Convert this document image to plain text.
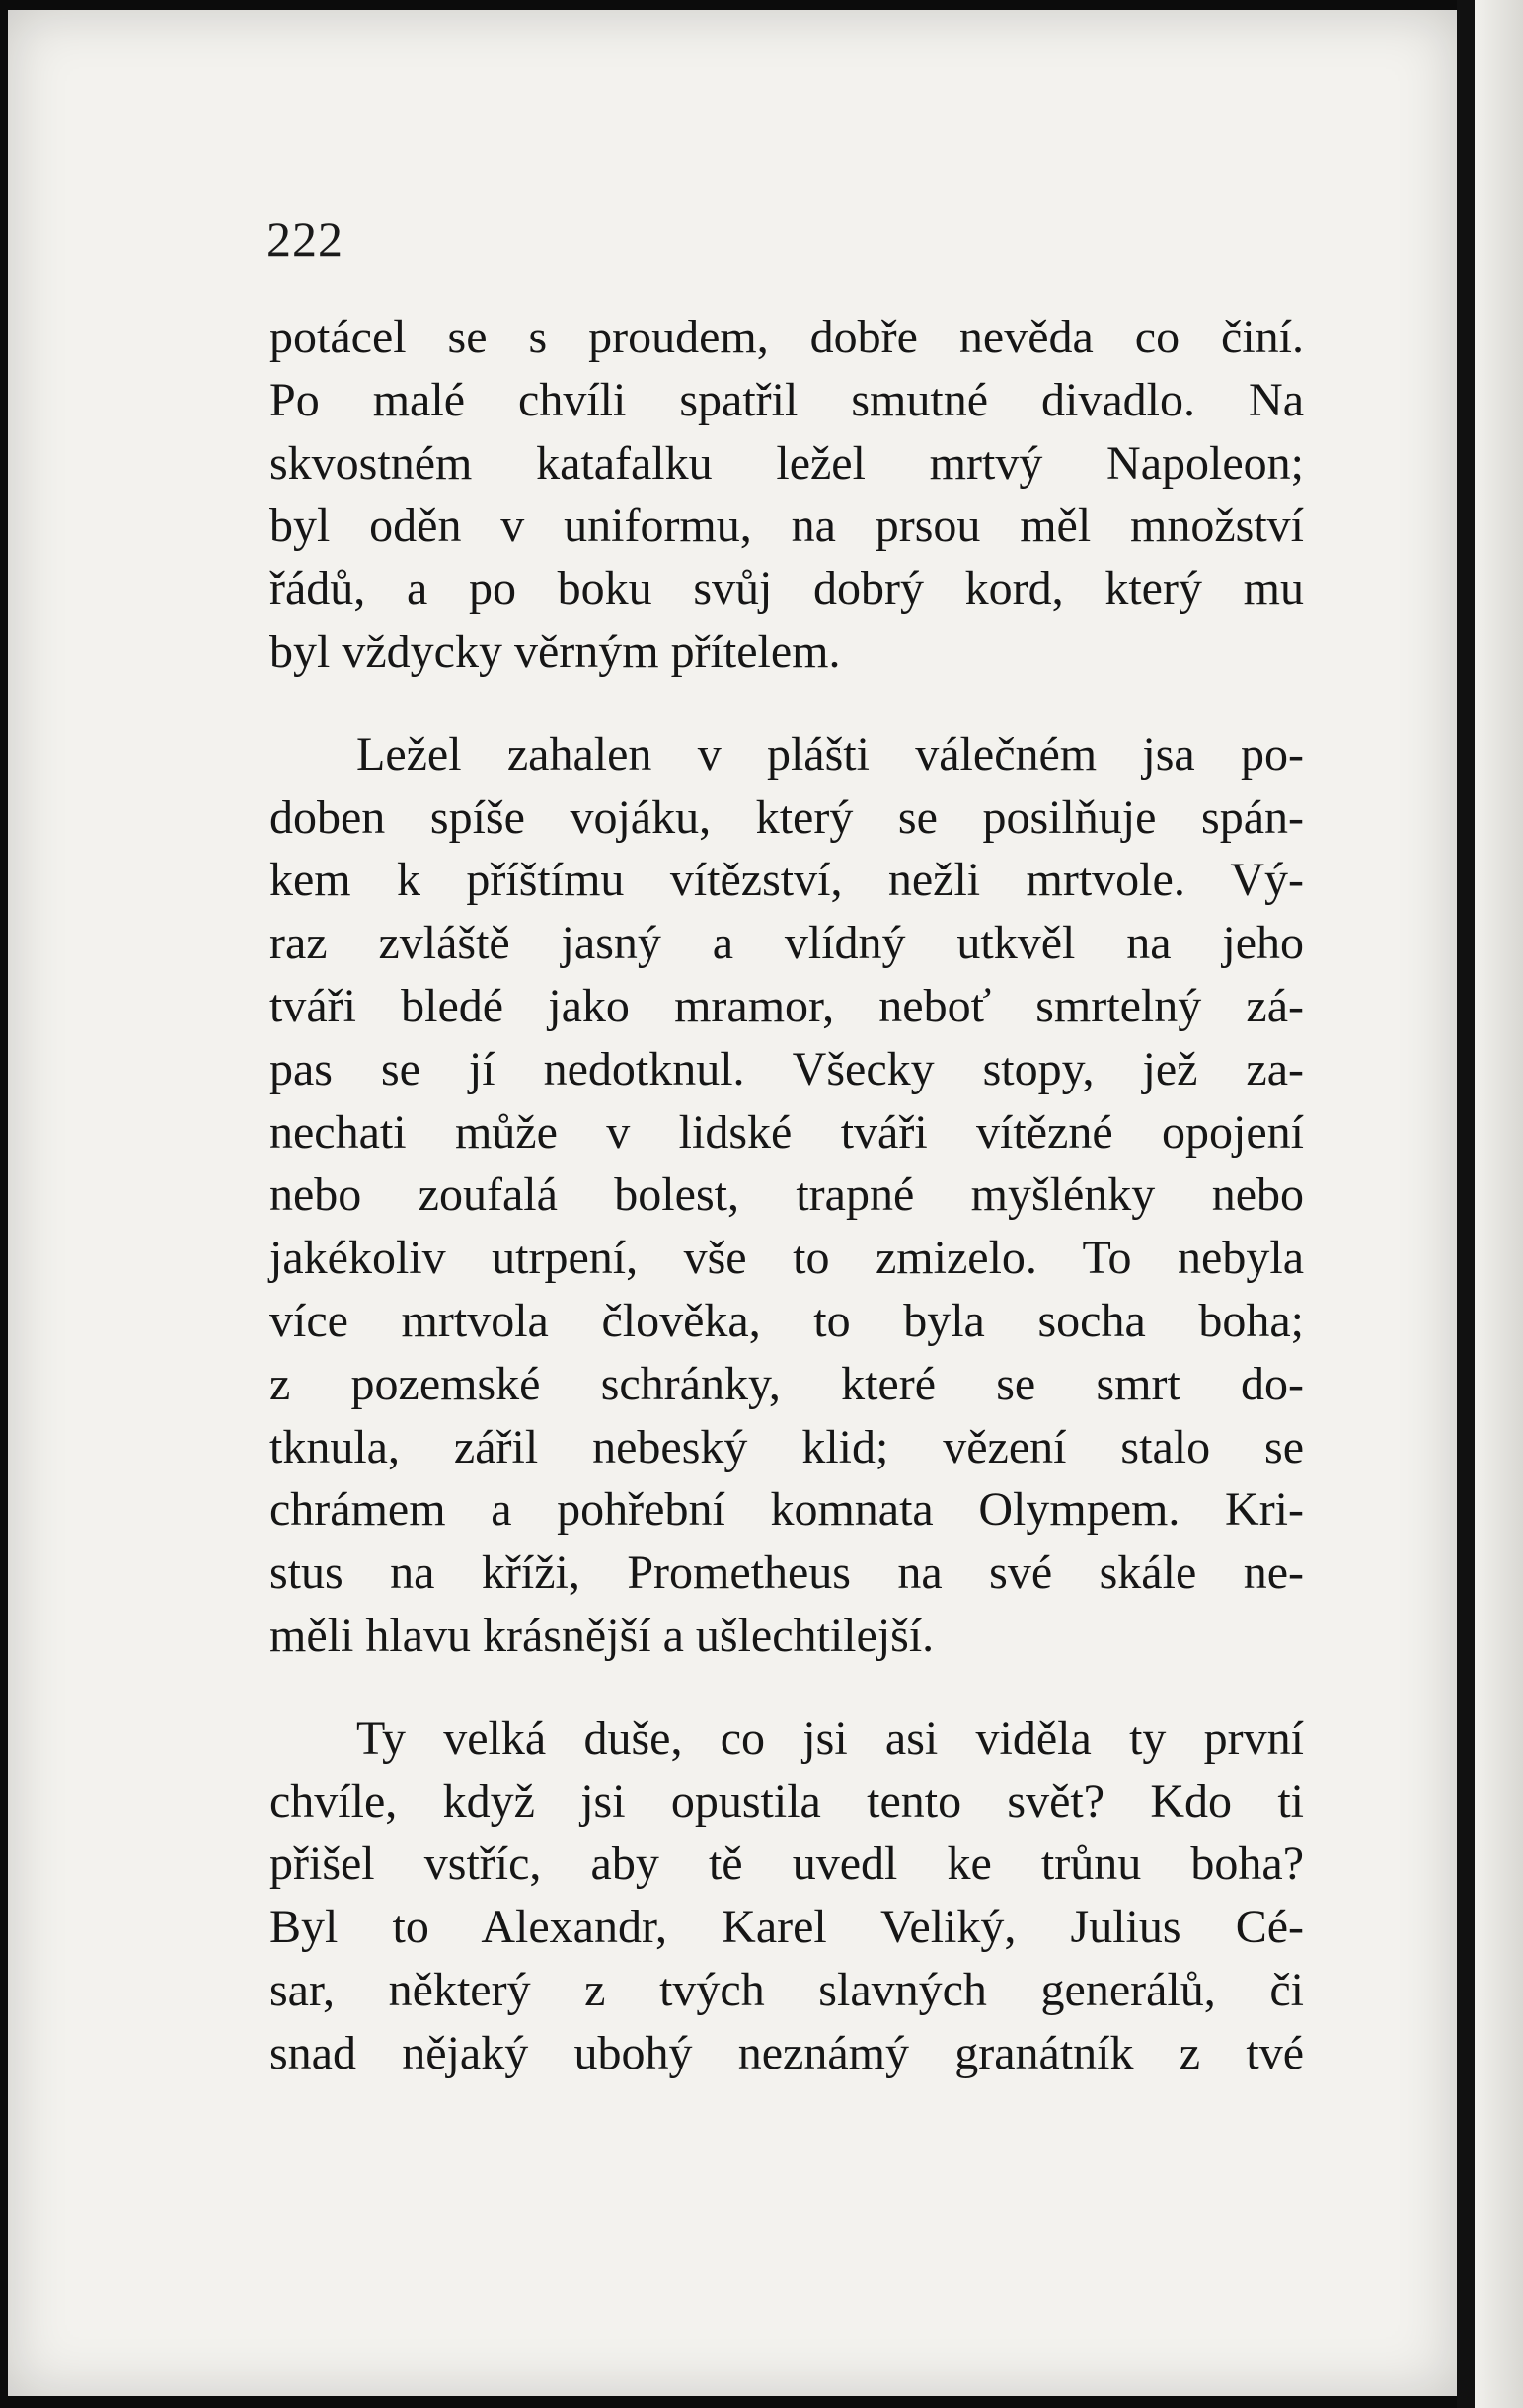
222

potácel se s proudem, dobře nevěda co činí.
Po malé chvíli spatřil smutné divadlo. Na
skvostném katafalku ležel mrtvý Napoleon;
byl oděn v uniformu, na prsou měl množství
řádů, a po boku svůj dobrý kord, který mu
byl vždycky věrným přítelem.

Ležel zahalen v plášti válečném jsa po-
doben spíše vojáku, který se posilňuje spán-
kem k příštímu vítězství, nežli mrtvole. Vý-
raz zvláště jasný a vlídný utkvěl na jeho
tváři bledé jako mramor, neboť smrtelný zá-
pas se jí nedotknul. Všecky stopy, jež za-
nechati může v lidské tváři vítězné opojení
nebo zoufalá bolest, trapné myšlénky nebo
jakékoliv utrpení, vše to zmizelo. To nebyla
více mrtvola člověka, to byla socha boha;
z pozemské schránky, které se smrt do-
tknula, zářil nebeský klid; vězení stalo se
chrámem a pohřební komnata Olympem. Kri-
stus na kříži, Prometheus na své skále ne-
měli hlavu krásnější a ušlechtilejší.

Ty velká duše, co jsi asi viděla ty první
chvíle, když jsi opustila tento svět? Kdo ti
přišel vstříc, aby tě uvedl ke trůnu boha?
Byl to Alexandr, Karel Veliký, Julius Cé-
sar, některý z tvých slavných generálů, či
snad nějaký ubohý neznámý granátník z tvé
